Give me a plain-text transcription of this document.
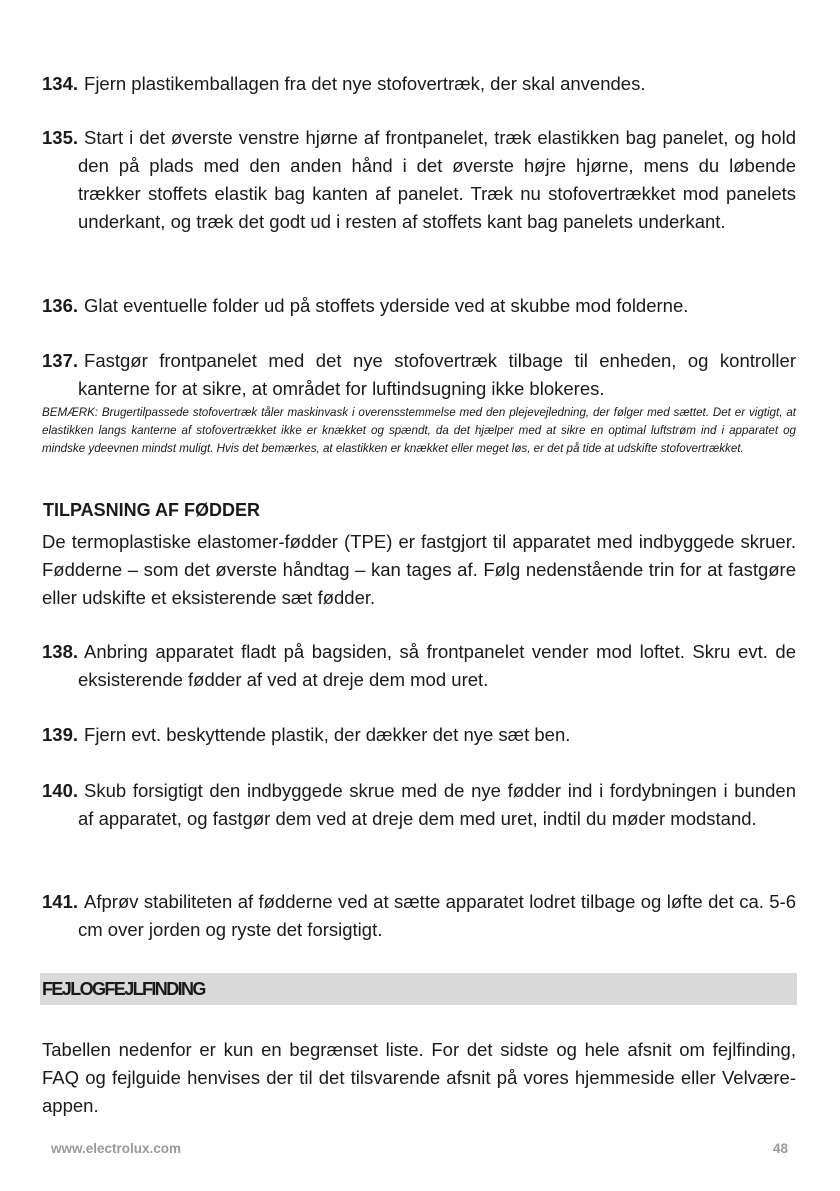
134. Fjern plastikemballagen fra det nye stofovertræk, der skal anvendes.
135. Start i det øverste venstre hjørne af frontpanelet, træk elastikken bag panelet, og hold den på plads med den anden hånd i det øverste højre hjørne, mens du løbende trækker stoffets elastik bag kanten af panelet. Træk nu stofovertrækket mod panelets underkant, og træk det godt ud i resten af stoffets kant bag panelets underkant.
136. Glat eventuelle folder ud på stoffets yderside ved at skubbe mod folderne.
137. Fastgør frontpanelet med det nye stofovertræk tilbage til enheden, og kontroller kanterne for at sikre, at området for luftindsugning ikke blokeres.
BEMÆRK: Brugertilpassede stofovertræk tåler maskinvask i overensstemmelse med den plejevejledning, der følger med sættet. Det er vigtigt, at elastikken langs kanterne af stofovertrækket ikke er knækket og spændt, da det hjælper med at sikre en optimal luftstrøm ind i apparatet og mindske ydeevnen mindst muligt. Hvis det bemærkes, at elastikken er knækket eller meget løs, er det på tide at udskifte stofovertrækket.
TILPASNING AF FØDDER
De termoplastiske elastomer-fødder (TPE) er fastgjort til apparatet med indbyggede skruer. Fødderne – som det øverste håndtag – kan tages af. Følg nedenstående trin for at fastgøre eller udskifte et eksisterende sæt fødder.
138. Anbring apparatet fladt på bagsiden, så frontpanelet vender mod loftet. Skru evt. de eksisterende fødder af ved at dreje dem mod uret.
139. Fjern evt. beskyttende plastik, der dækker det nye sæt ben.
140. Skub forsigtigt den indbyggede skrue med de nye fødder ind i fordybningen i bunden af apparatet, og fastgør dem ved at dreje dem med uret, indtil du møder modstand.
141. Afprøv stabiliteten af fødderne ved at sætte apparatet lodret tilbage og løfte det ca. 5-6 cm over jorden og ryste det forsigtigt.
FEJLOGFEJLFINDING
Tabellen nedenfor er kun en begrænset liste. For det sidste og hele afsnit om fejlfinding, FAQ og fejlguide henvises der til det tilsvarende afsnit på vores hjemmeside eller Velvære-appen.
www.electrolux.com	48
